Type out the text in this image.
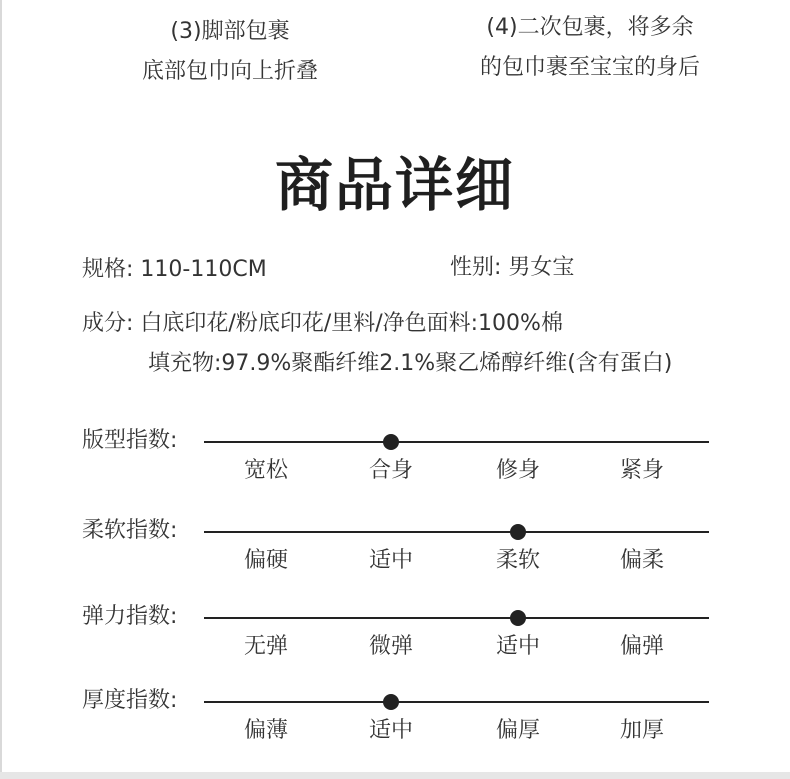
(3)脚部包裹
底部包巾向上折叠
(4)二次包裹，将多余
的包巾裹至宝宝的身后
商品详细
规格: 110-110CM	性别: 男女宝
成分: 白底印花/粉底印花/里料/净色面料:100%棉
填充物:97.9%聚酯纤维2.1%聚乙烯醇纤维(含有蛋白)
版型指数:
宽松	合身	修身	紧身
柔软指数:
偏硬	适中	柔软	偏柔
弹力指数:
无弹	微弹	适中	偏弹
厚度指数:
偏薄	适中	偏厚	加厚
